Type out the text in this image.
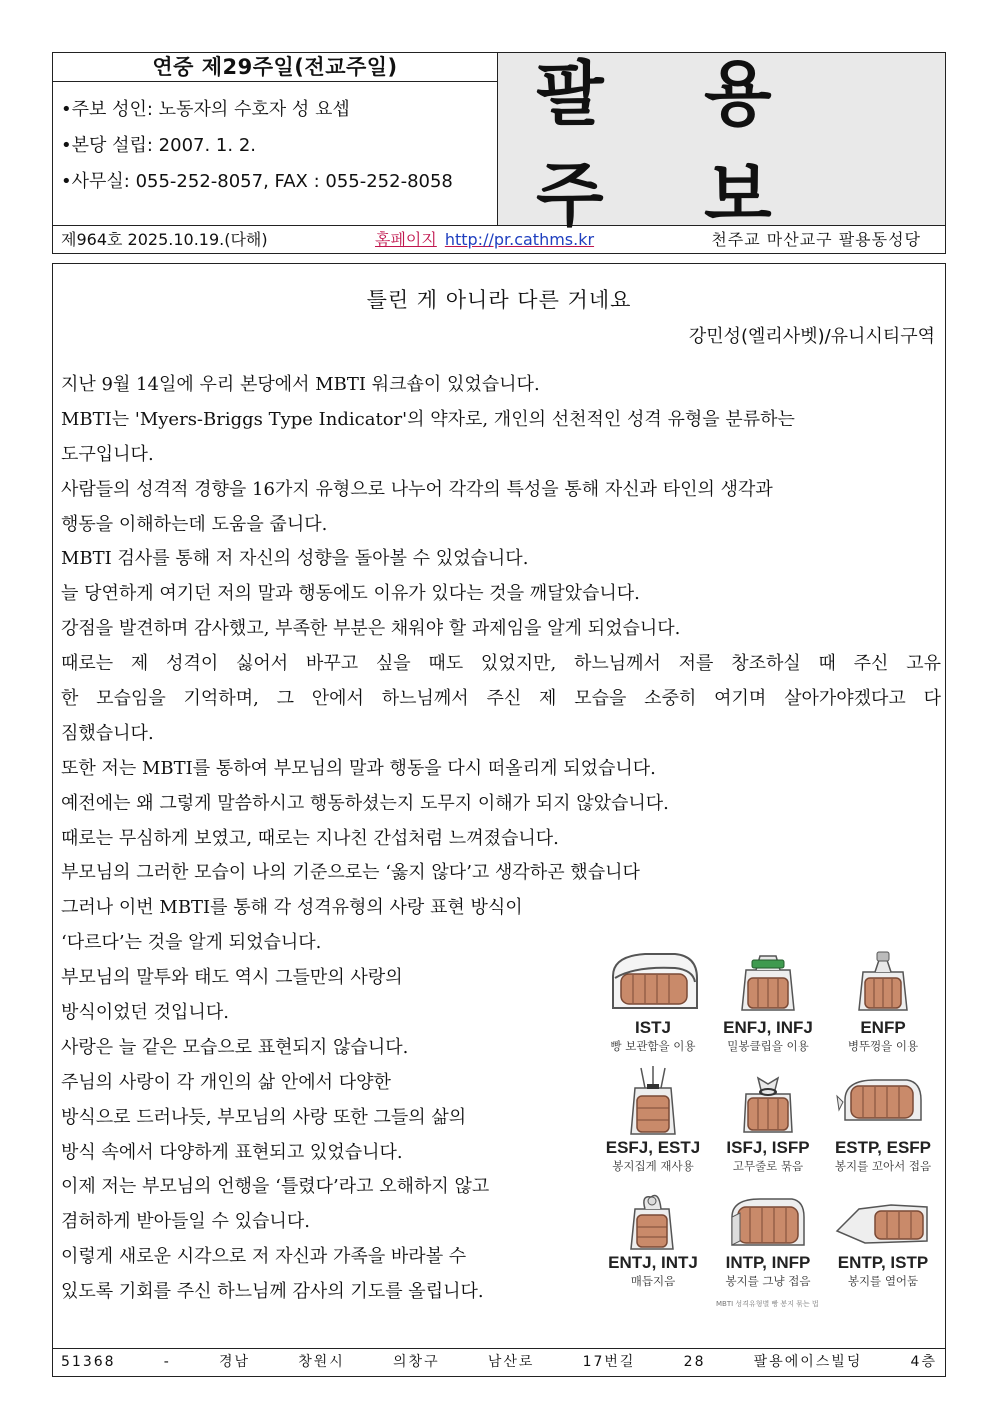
연중 제29주일(전교주일)
•주보 성인: 노동자의 수호자 성 요셉
•본당 설립: 2007. 1. 2.
•사무실: 055-252-8057, FAX : 055-252-8058
팔 용 주 보
제964호 2025.10.19.(다해)	홈페이지 http://pr.cathms.kr	천주교 마산교구 팔용동성당
틀린 게 아니라 다른 거네요
강민성(엘리사벳)/유니시티구역
지난 9월 14일에 우리 본당에서 MBTI 워크숍이 있었습니다.
MBTI는 'Myers-Briggs Type Indicator'의 약자로, 개인의 선천적인 성격 유형을 분류하는
도구입니다.
사람들의 성격적 경향을 16가지 유형으로 나누어 각각의 특성을 통해 자신과 타인의 생각과
행동을 이해하는데 도움을 줍니다.
MBTI 검사를 통해 저 자신의 성향을 돌아볼 수 있었습니다.
늘 당연하게 여기던 저의 말과 행동에도 이유가 있다는 것을 깨달았습니다.
강점을 발견하며 감사했고, 부족한 부분은 채워야 할 과제임을 알게 되었습니다.
때로는 제 성격이 싫어서 바꾸고 싶을 때도 있었지만, 하느님께서 저를 창조하실 때 주신 고유
한 모습임을 기억하며, 그 안에서 하느님께서 주신 제 모습을 소중히 여기며 살아가야겠다고 다
짐했습니다.
또한 저는 MBTI를 통하여 부모님의 말과 행동을 다시 떠올리게 되었습니다.
예전에는 왜 그렇게 말씀하시고 행동하셨는지 도무지 이해가 되지 않았습니다.
때로는 무심하게 보였고, 때로는 지나친 간섭처럼 느껴졌습니다.
부모님의 그러한 모습이 나의 기준으로는 ‘옳지 않다’고 생각하곤 했습니다
그러나 이번 MBTI를 통해 각 성격유형의 사랑 표현 방식이
‘다르다’는 것을 알게 되었습니다.
부모님의 말투와 태도 역시 그들만의 사랑의
방식이었던 것입니다.
사랑은 늘 같은 모습으로 표현되지 않습니다.
주님의 사랑이 각 개인의 삶 안에서 다양한
방식으로 드러나듯, 부모님의 사랑 또한 그들의 삶의
방식 속에서 다양하게 표현되고 있었습니다.
이제 저는 부모님의 언행을 ‘틀렸다’라고 오해하지 않고
겸허하게 받아들일 수 있습니다.
이렇게 새로운 시각으로 저 자신과 가족을 바라볼 수
있도록 기회를 주신 하느님께 감사의 기도를 올립니다.
ISTJ
빵 보관함을 이용
ENFJ, INFJ
밀봉클립을 이용
ENFP
병뚜껑을 이용
ESFJ, ESTJ
봉지집게 재사용
ISFJ, ISFP
고무줄로 묶음
ESTP, ESFP
봉지를 꼬아서 접음
ENTJ, INTJ
매듭지음
INTP, INFP
봉지를 그냥 접음
ENTP, ISTP
봉지를 열어둠
MBTI 성격유형별 빵 봉지 묶는 법
51368 - 경남 창원시 의창구 남산로 17번길 28 팔용에이스빌딩 4층
